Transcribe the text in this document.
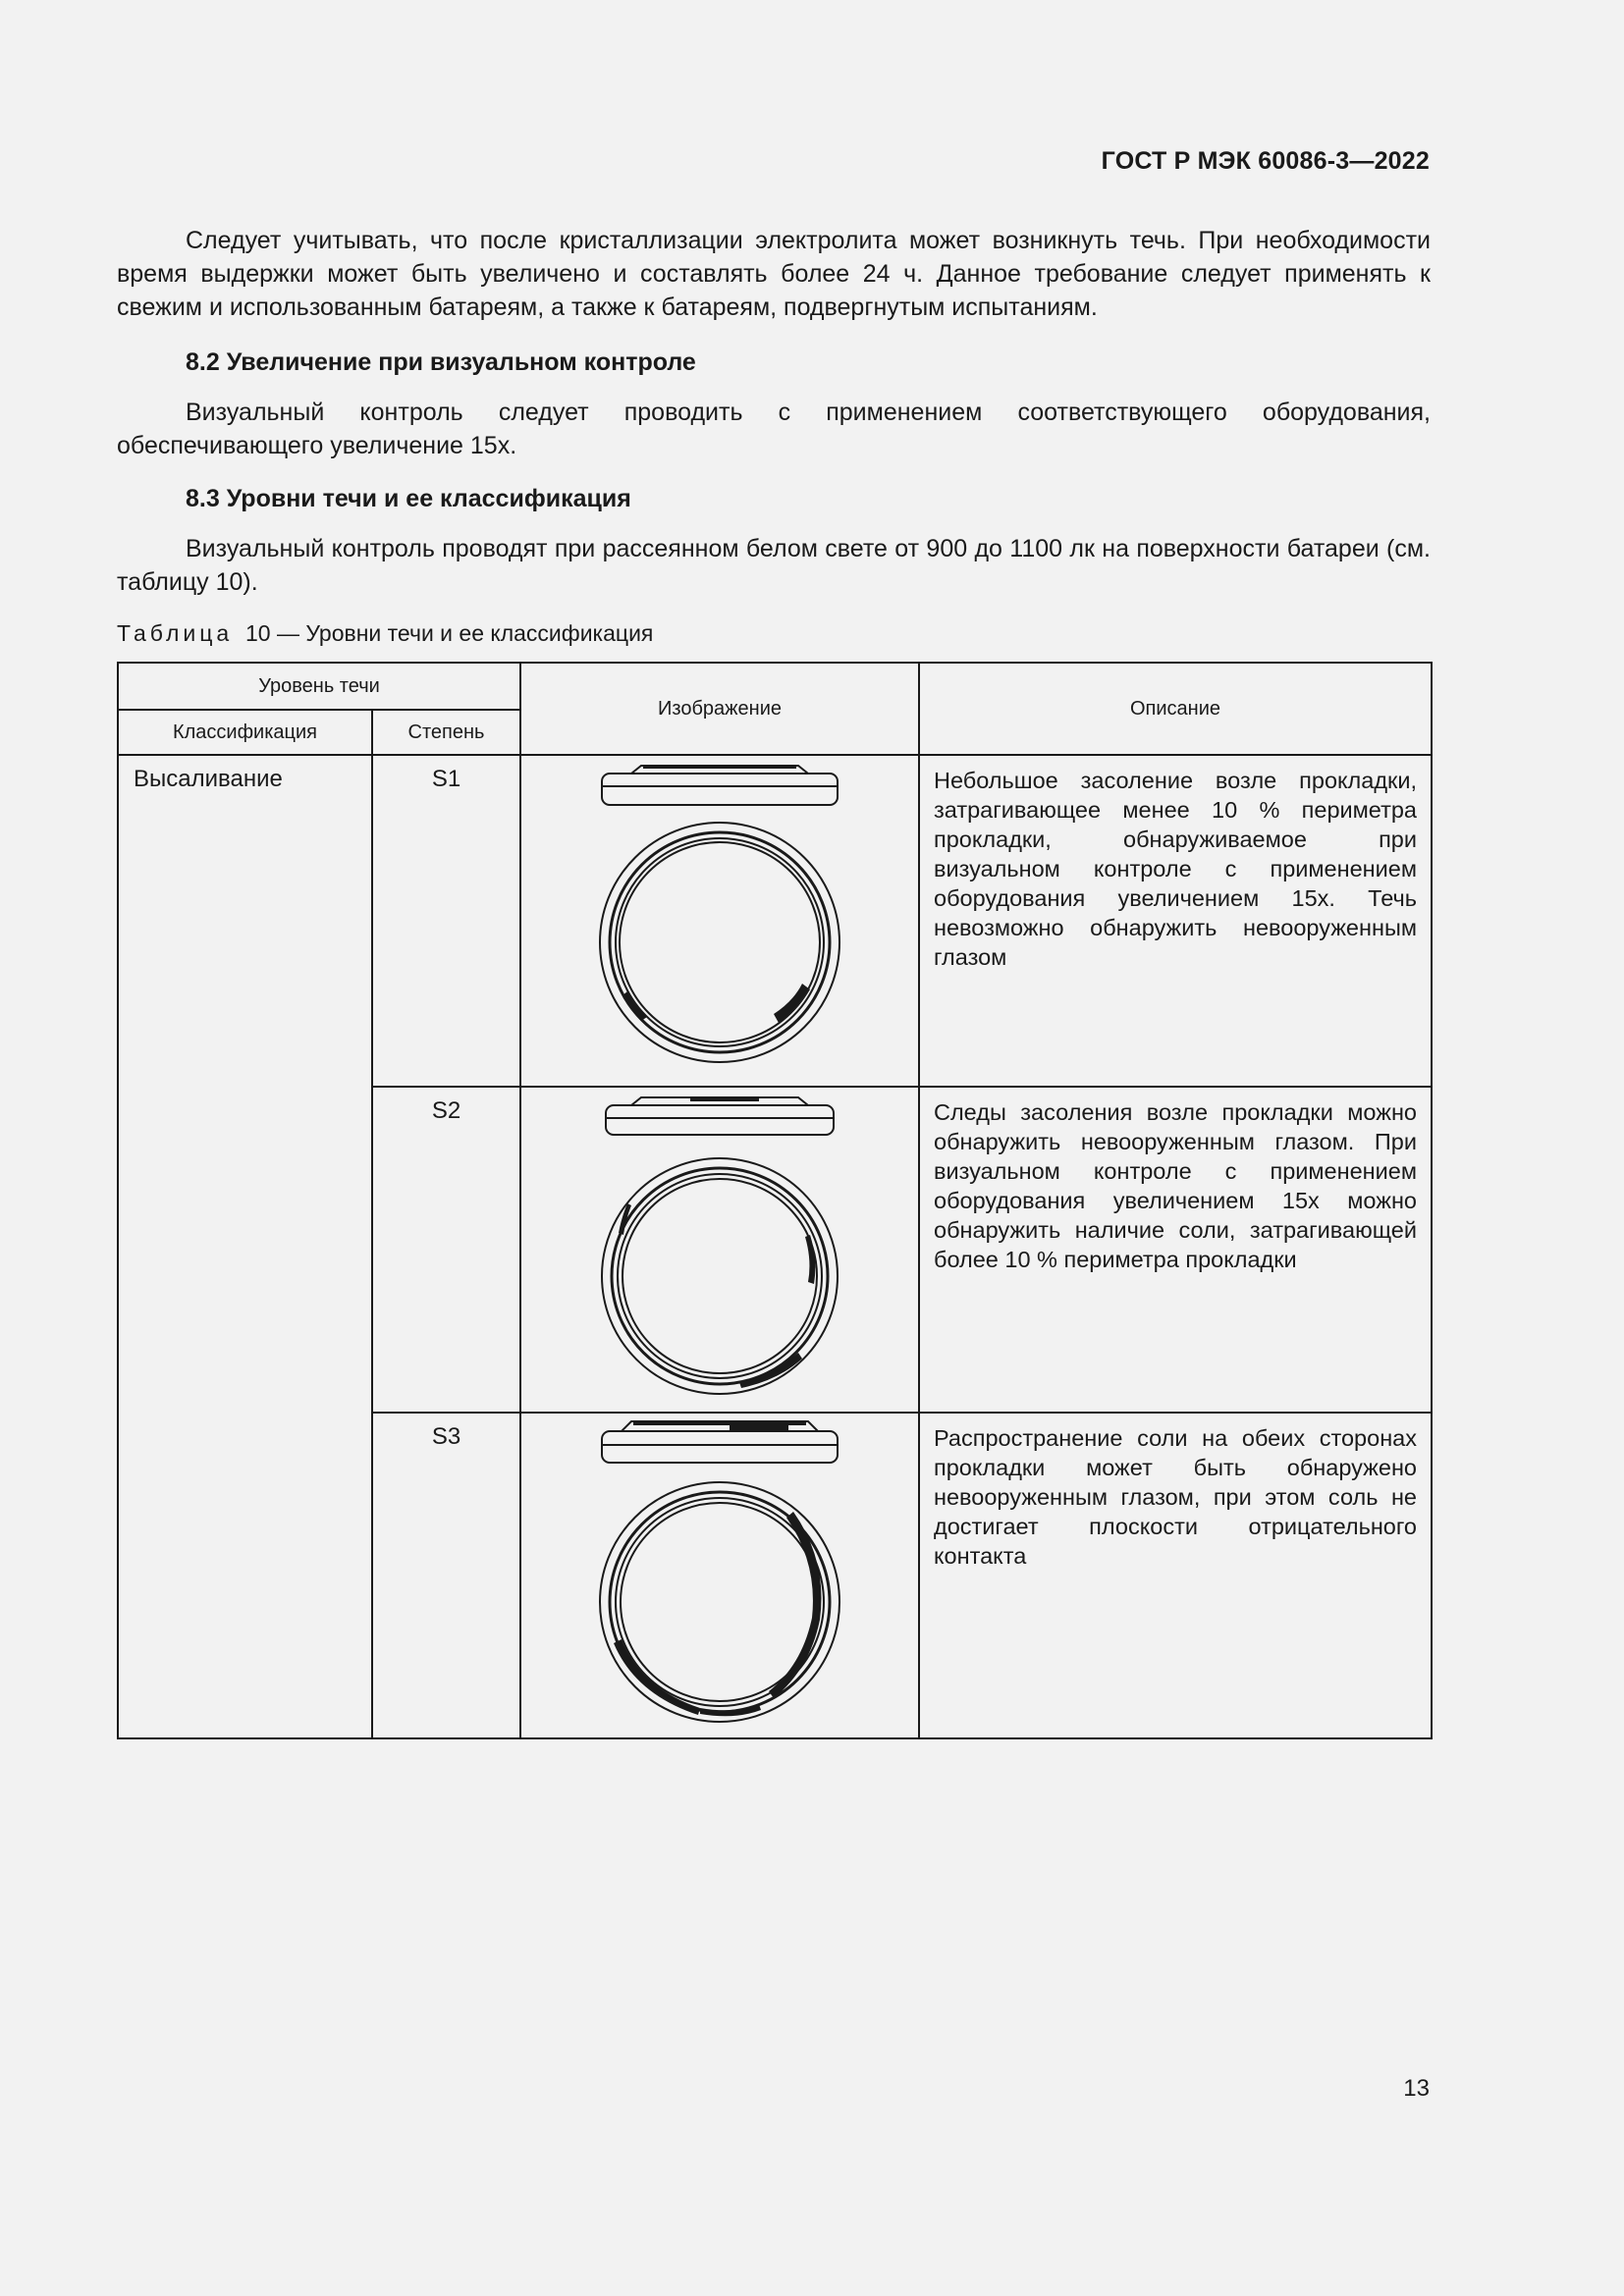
ГОСТ Р МЭК 60086-3—2022

Следует учитывать, что после кристаллизации электролита может возникнуть течь. При необходимости время выдержки может быть увеличено и составлять более 24 ч. Данное требование следует применять к свежим и использованным батареям, а также к батареям, подвергнутым испытаниям.

8.2 Увеличение при визуальном контроле

Визуальный контроль следует проводить с применением соответствующего оборудования, обеспечивающего увеличение 15х.

8.3 Уровни течи и ее классификация

Визуальный контроль проводят при рассеянном белом свете от 900 до 1100 лк на поверхности батареи (см. таблицу 10).

Таблица 10 — Уровни течи и ее классификация

Уровень течи		Изображение	Описание
Классификация	Степень		
Высаливание	S1		Небольшое засоление возле прокладки, затрагивающее менее 10 % периметра прокладки, обнаруживаемое при визуальном контроле с применением оборудования увеличением 15х. Течь невозможно обнаружить невооруженным глазом
	S2		Следы засоления возле прокладки можно обнаружить невооруженным глазом. При визуальном контроле с применением оборудования увеличением 15х можно обнаружить наличие соли, затрагивающей более 10 % периметра прокладки
	S3		Распространение соли на обеих сторонах прокладки может быть обнаружено невооруженным глазом, при этом соль не достигает плоскости отрицательного контакта
13
